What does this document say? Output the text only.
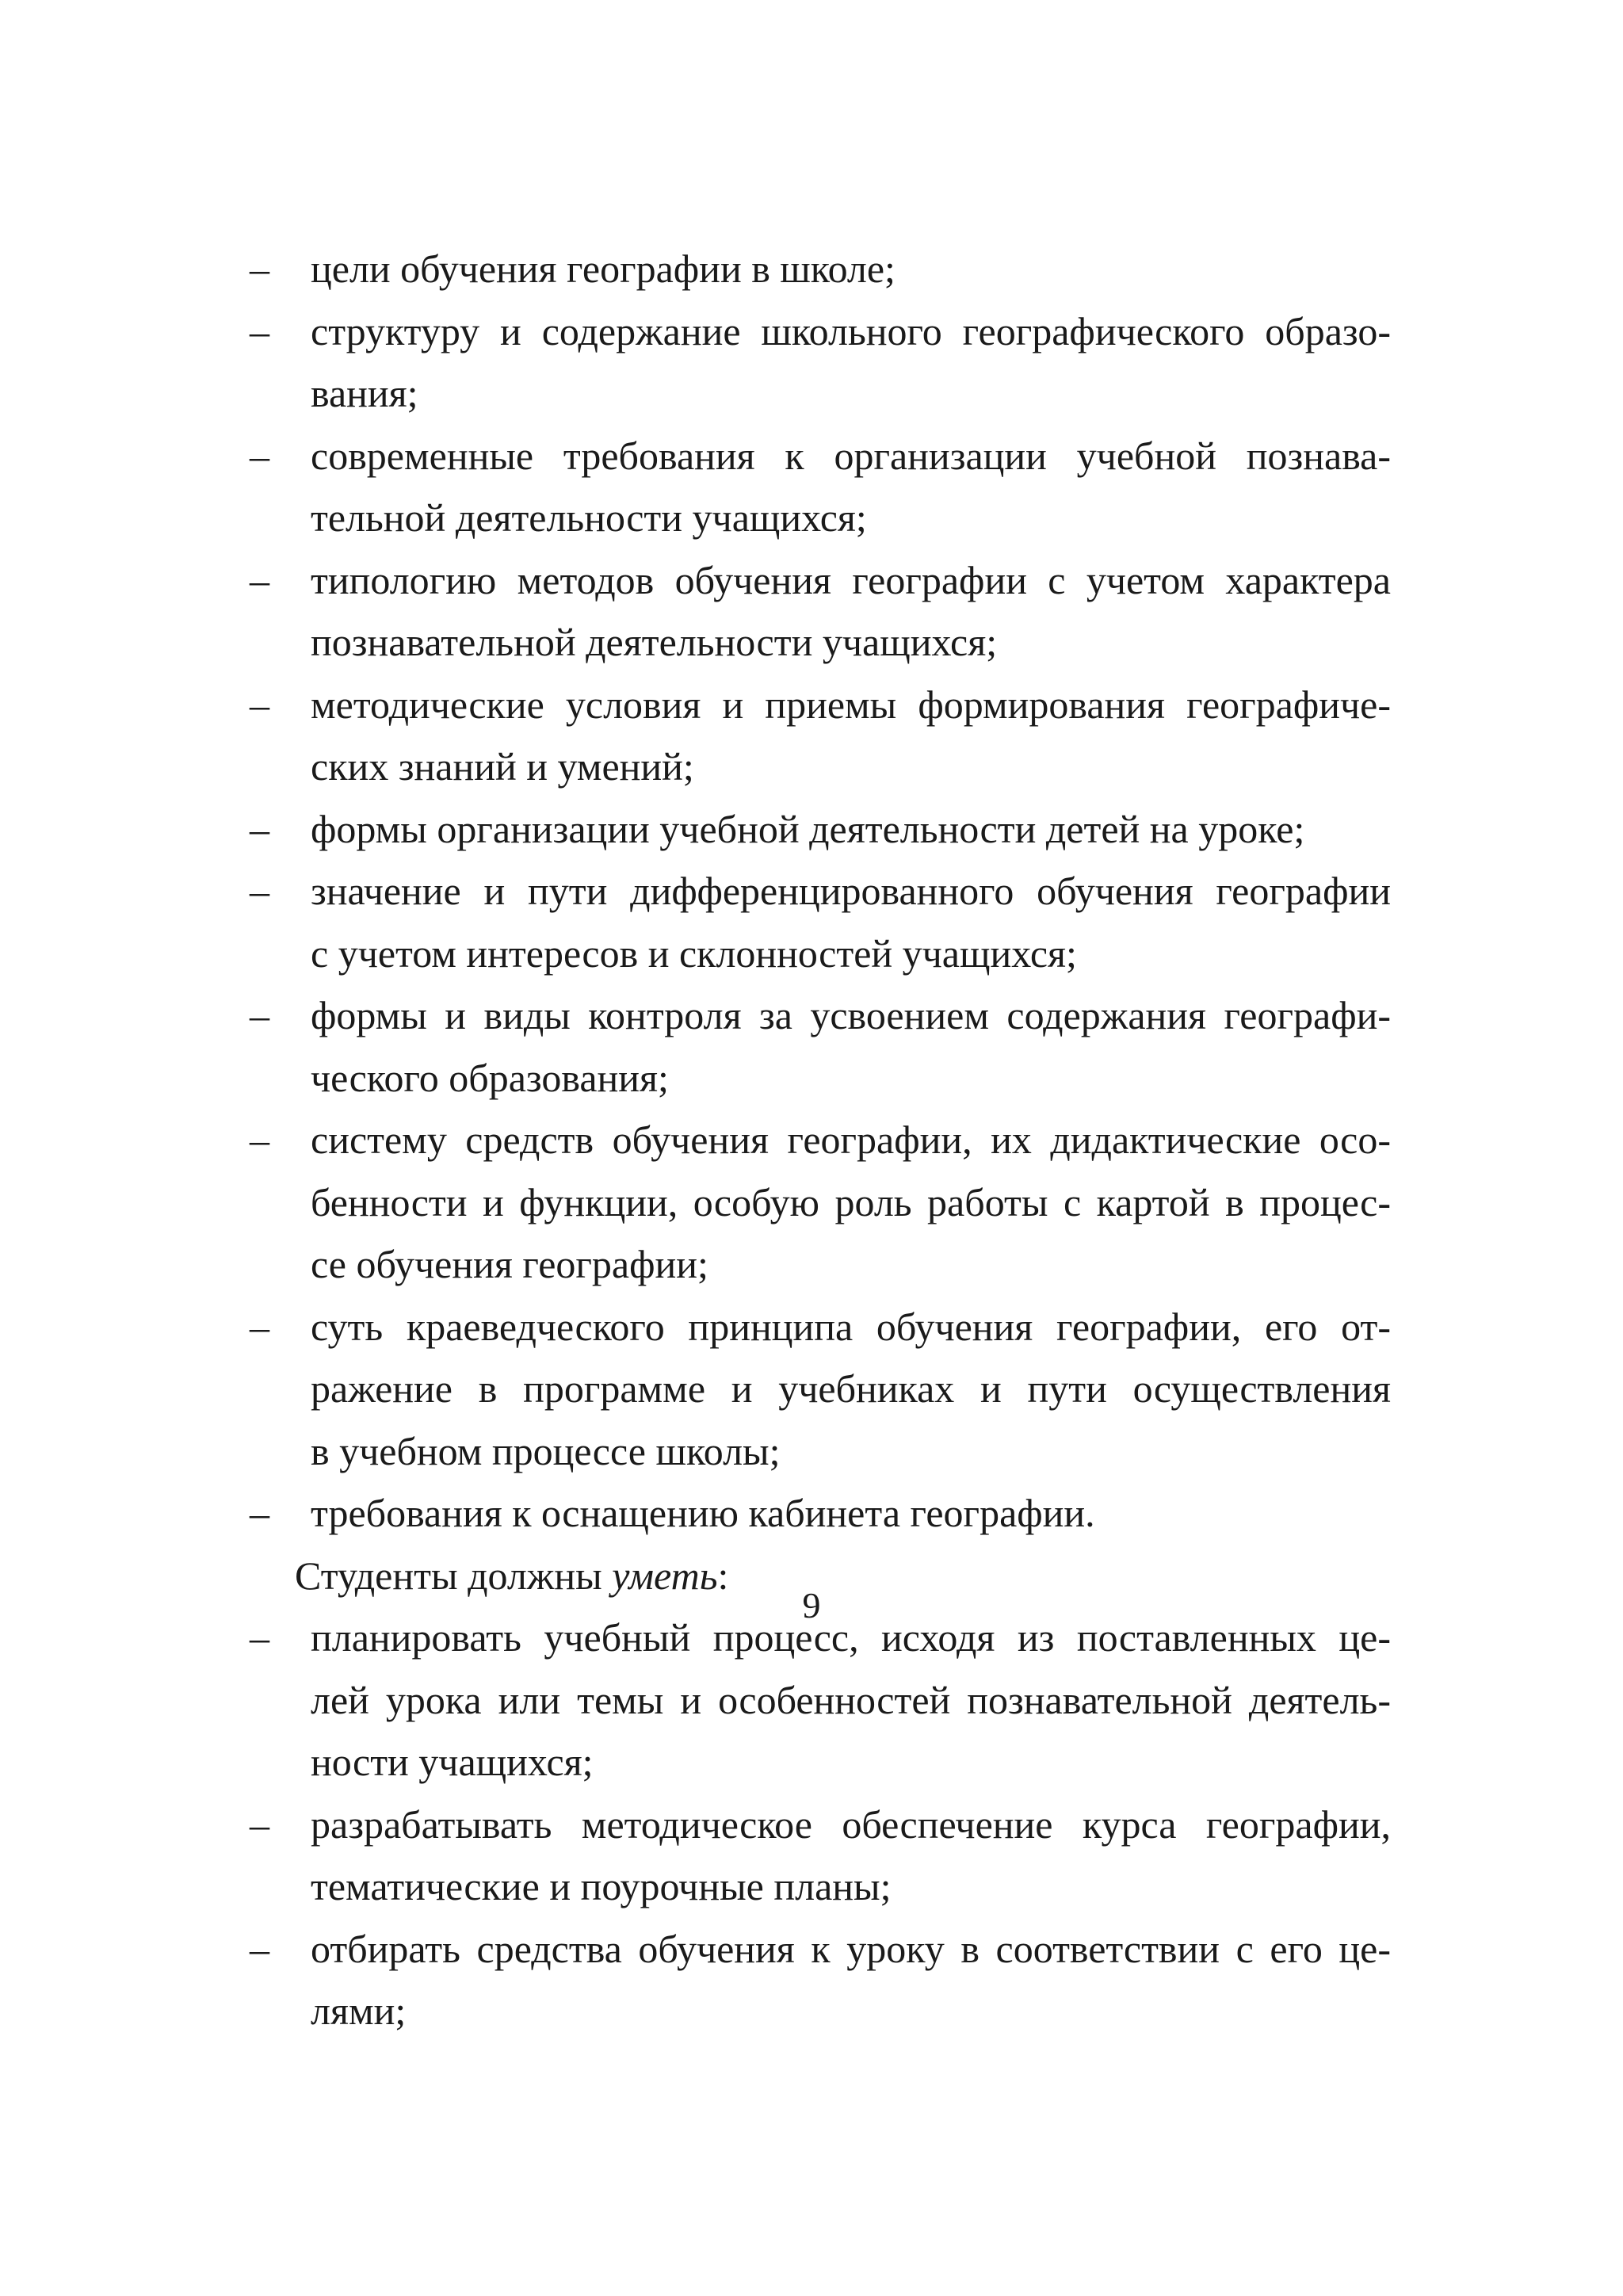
– цели обучения географии в школе;
– структуру и содержание школьного географического образо-
вания;
– современные требования к организации учебной познава-
тельной деятельности учащихся;
– типологию методов обучения географии с учетом характера
познавательной деятельности учащихся;
– методические условия и приемы формирования географиче-
ских знаний и умений;
– формы организации учебной деятельности детей на уроке;
– значение и пути дифференцированного обучения географии
с учетом интересов и склонностей учащихся;
– формы и виды контроля за усвоением содержания географи-
ческого образования;
– систему средств обучения географии, их дидактические осо-
бенности и функции, особую роль работы с картой в процес-
се обучения географии;
– суть краеведческого принципа обучения географии, его от-
ражение в программе и учебниках и пути осуществления
в учебном процессе школы;
– требования к оснащению кабинета географии.
Студенты должны уметь:
– планировать учебный процесс, исходя из поставленных це-
лей урока или темы и особенностей познавательной деятель-
ности учащихся;
– разрабатывать методическое обеспечение курса географии,
тематические и поурочные планы;
– отбирать средства обучения к уроку в соответствии с его це-
лями;
9
